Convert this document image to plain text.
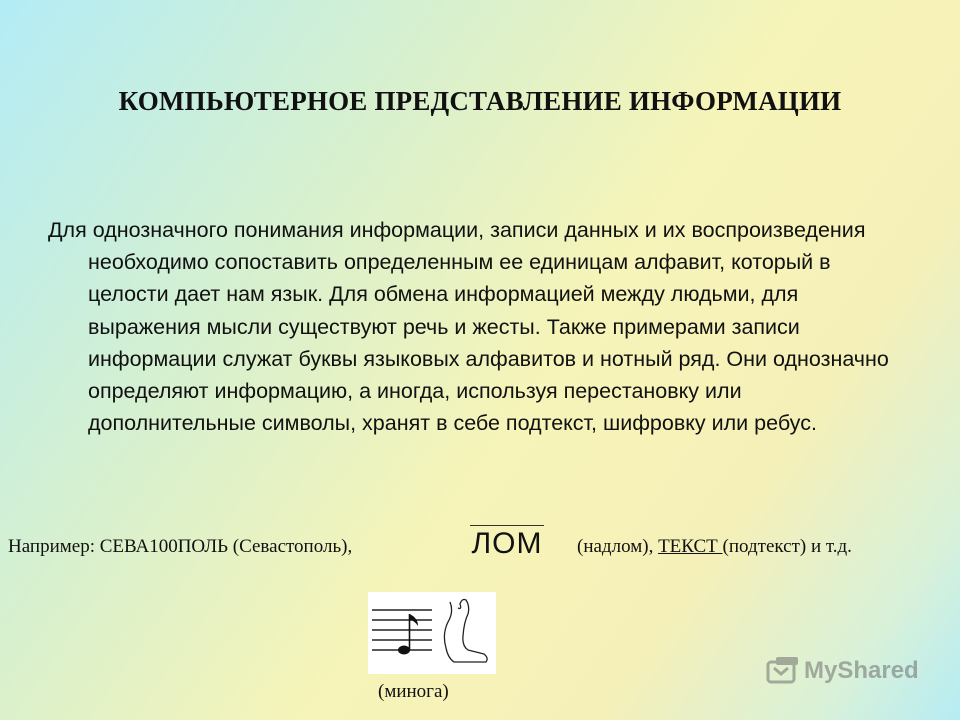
КОМПЬЮТЕРНОЕ ПРЕДСТАВЛЕНИЕ ИНФОРМАЦИИ
Для однозначного понимания информации, записи данных и их воспроизведения необходимо сопоставить определенным ее единицам алфавит, который в целости дает нам язык. Для обмена информацией между людьми, для выражения мысли существуют речь и жесты. Также примерами записи информации служат буквы языковых алфавитов и нотный ряд. Они однозначно определяют информацию, а иногда, используя перестановку или дополнительные символы, хранят в себе подтекст, шифровку или ребус.
Например: СЕВА100ПОЛЬ (Севастополь),	ЛОМ (надлом), ТЕКСТ (подтекст) и т.д.
(минога)
MyShared
